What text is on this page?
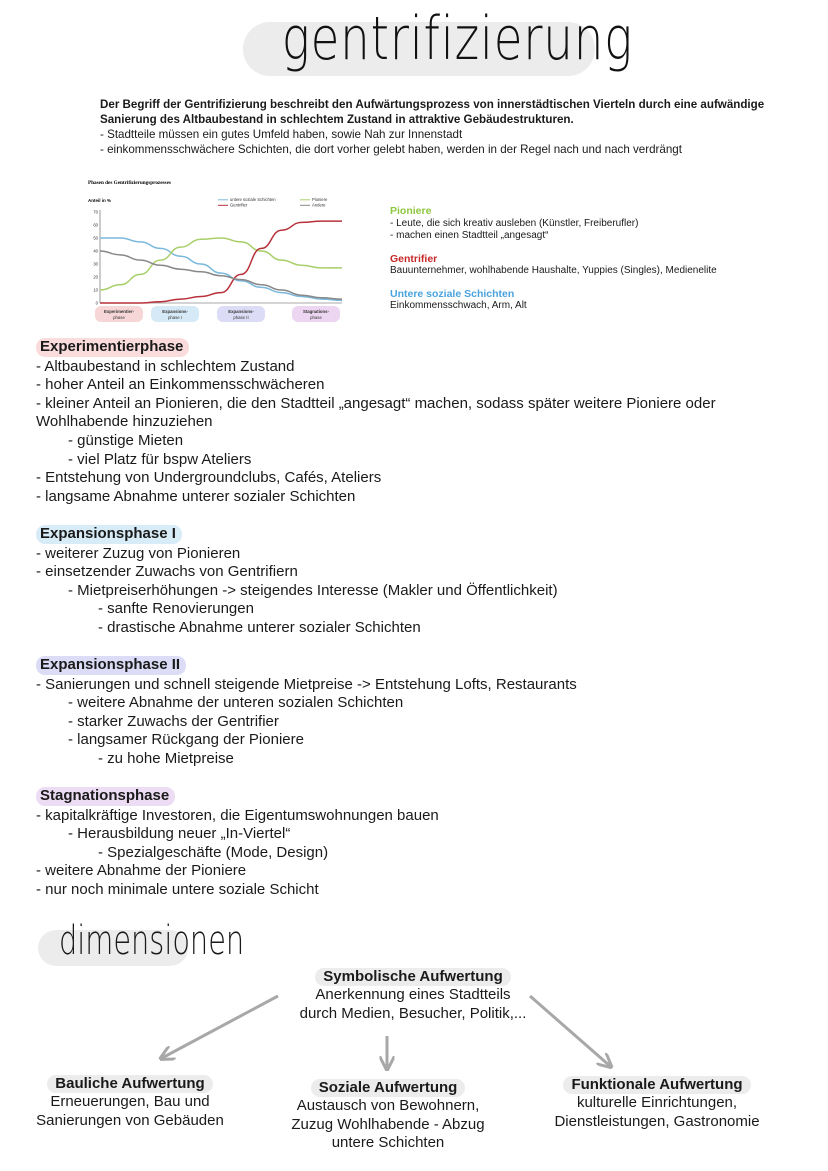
gentrifizierung
Der Begriff der Gentrifizierung beschreibt den Aufwärtungsprozess von innerstädtischen Vierteln durch eine aufwändige Sanierung des Altbaubestand in schlechtem Zustand in attraktive Gebäudestrukturen.
- Stadtteile müssen ein gutes Umfeld haben, sowie Nah zur Innenstadt
- einkommensschwächere Schichten, die dort vorher gelebt haben, werden in der Regel nach und nach verdrängt
Phasen des Gentrifizierungsprozesses
Anteil in %
0
10
20
30
40
50
60
70
untere soziale Schichten	Pioniere
Gentrifier	Andere
Experimentier-
phase
Expansions-
phase I
Expansions-
phase II
Stagnations-
phase
Pioniere
- Leute, die sich kreativ ausleben (Künstler, Freiberufler)
- machen einen Stadtteil „angesagt“
Gentrifier
Bauunternehmer, wohlhabende Haushalte, Yuppies (Singles), Medienelite
Untere soziale Schichten
Einkommensschwach, Arm, Alt
Experimentierphase
- Altbaubestand in schlechtem Zustand
- hoher Anteil an Einkommensschwächeren
- kleiner Anteil an Pionieren, die den Stadtteil „angesagt“ machen, sodass später weitere Pioniere oder
Wohlhabende hinzuziehen
- günstige Mieten
- viel Platz für bspw Ateliers
- Entstehung von Undergroundclubs, Cafés, Ateliers
- langsame Abnahme unterer sozialer Schichten
Expansionsphase I
- weiterer Zuzug von Pionieren
- einsetzender Zuwachs von Gentrifiern
- Mietpreiserhöhungen -> steigendes Interesse (Makler und Öffentlichkeit)
- sanfte Renovierungen
- drastische Abnahme unterer sozialer Schichten
Expansionsphase II
- Sanierungen und schnell steigende Mietpreise -> Entstehung Lofts, Restaurants
- weitere Abnahme der unteren sozialen Schichten
- starker Zuwachs der Gentrifier
- langsamer Rückgang der Pioniere
- zu hohe Mietpreise
Stagnationsphase
- kapitalkräftige Investoren, die Eigentumswohnungen bauen
- Herausbildung neuer „In-Viertel“
- Spezialgeschäfte (Mode, Design)
- weitere Abnahme der Pioniere
- nur noch minimale untere soziale Schicht
dimensionen
Symbolische Aufwertung
Anerkennung eines Stadtteils
durch Medien, Besucher, Politik,...
Bauliche Aufwertung
Erneuerungen, Bau und
Sanierungen von Gebäuden
Soziale Aufwertung
Austausch von Bewohnern,
Zuzug Wohlhabende - Abzug
untere Schichten
Funktionale Aufwertung
kulturelle Einrichtungen,
Dienstleistungen, Gastronomie
